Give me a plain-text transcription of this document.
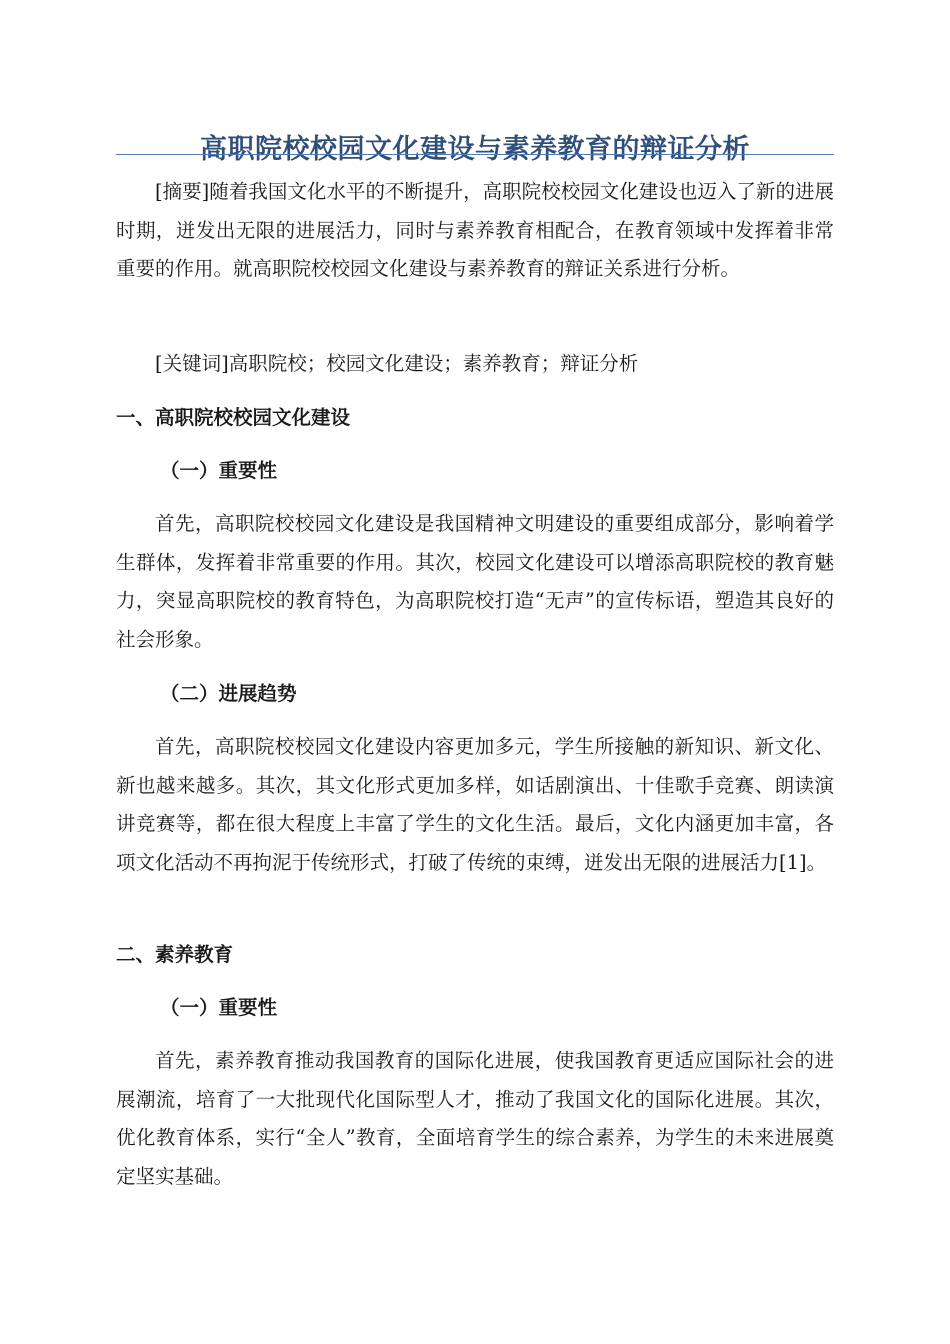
高职院校校园文化建设与素养教育的辩证分析

[摘要]随着我国文化水平的不断提升，高职院校校园文化建设也迈入了新的进展时期，迸发出无限的进展活力，同时与素养教育相配合，在教育领域中发挥着非常重要的作用。就高职院校校园文化建设与素养教育的辩证关系进行分析。

[关键词]高职院校；校园文化建设；素养教育；辩证分析

一、高职院校校园文化建设
（一）重要性

首先，高职院校校园文化建设是我国精神文明建设的重要组成部分，影响着学生群体，发挥着非常重要的作用。其次，校园文化建设可以增添高职院校的教育魅力，突显高职院校的教育特色，为高职院校打造“无声”的宣传标语，塑造其良好的社会形象。

（二）进展趋势

首先，高职院校校园文化建设内容更加多元，学生所接触的新知识、新文化、新也越来越多。其次，其文化形式更加多样，如话剧演出、十佳歌手竞赛、朗读演讲竞赛等，都在很大程度上丰富了学生的文化生活。最后，文化内涵更加丰富，各项文化活动不再拘泥于传统形式，打破了传统的束缚，迸发出无限的进展活力[1]。

二、素养教育
（一）重要性

首先，素养教育推动我国教育的国际化进展，使我国教育更适应国际社会的进展潮流，培育了一大批现代化国际型人才，推动了我国文化的国际化进展。其次，优化教育体系，实行“全人”教育，全面培育学生的综合素养，为学生的未来进展奠定坚实基础。
